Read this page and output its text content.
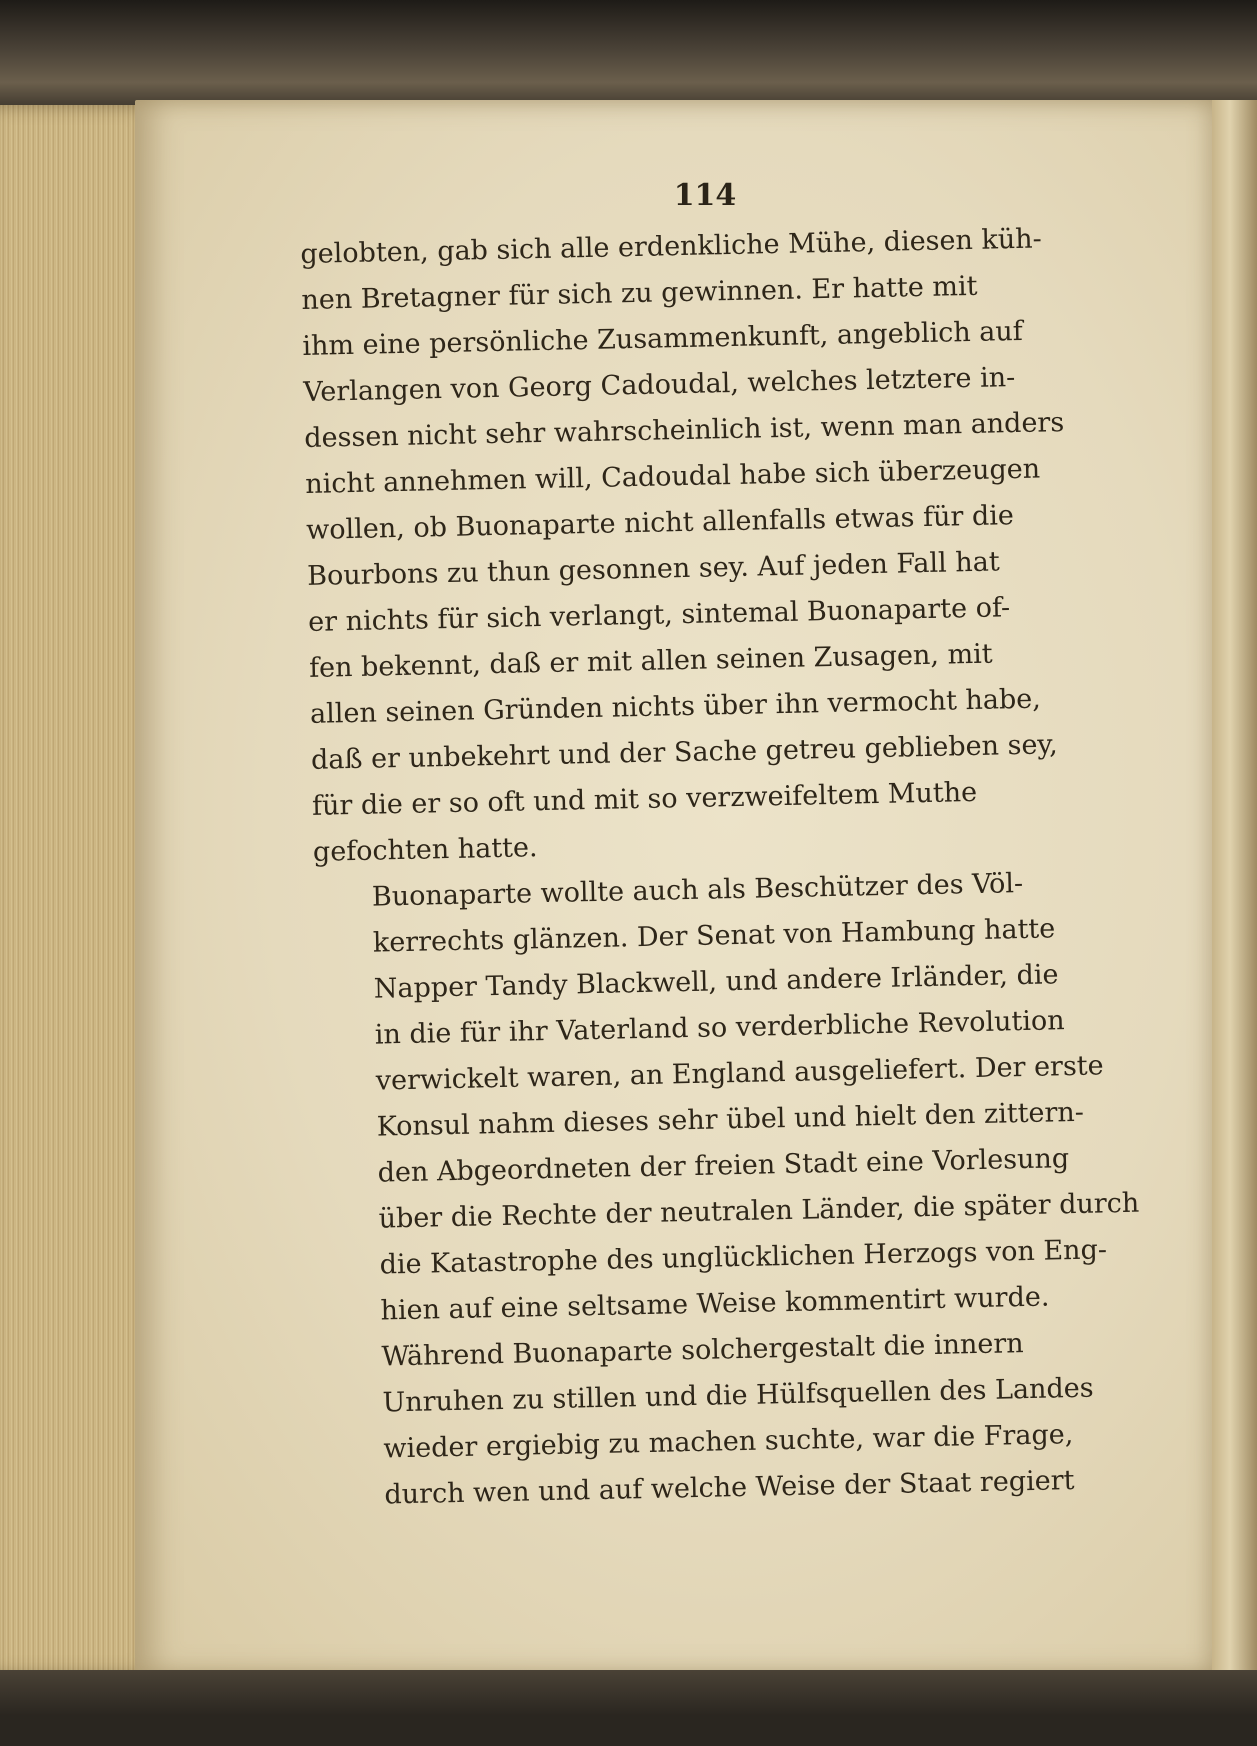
114

gelobten, gab sich alle erdenkliche Mühe, diesen küh-
nen Bretagner für sich zu gewinnen. Er hatte mit
ihm eine persönliche Zusammenkunft, angeblich auf
Verlangen von Georg Cadoudal, welches letztere in-
dessen nicht sehr wahrscheinlich ist, wenn man anders
nicht annehmen will, Cadoudal habe sich überzeugen
wollen, ob Buonaparte nicht allenfalls etwas für die
Bourbons zu thun gesonnen sey. Auf jeden Fall hat
er nichts für sich verlangt, sintemal Buonaparte of-
fen bekennt, daß er mit allen seinen Zusagen, mit
allen seinen Gründen nichts über ihn vermocht habe,
daß er unbekehrt und der Sache getreu geblieben sey,
für die er so oft und mit so verzweifeltem Muthe
gefochten hatte.

Buonaparte wollte auch als Beschützer des Völ-
kerrechts glänzen. Der Senat von Hambung hatte
Napper Tandy Blackwell, und andere Irländer, die
in die für ihr Vaterland so verderbliche Revolution
verwickelt waren, an England ausgeliefert. Der erste
Konsul nahm dieses sehr übel und hielt den zittern-
den Abgeordneten der freien Stadt eine Vorlesung
über die Rechte der neutralen Länder, die später durch
die Katastrophe des unglücklichen Herzogs von Eng-
hien auf eine seltsame Weise kommentirt wurde.

Während Buonaparte solchergestalt die innern
Unruhen zu stillen und die Hülfsquellen des Landes
wieder ergiebig zu machen suchte, war die Frage,
durch wen und auf welche Weise der Staat regiert
